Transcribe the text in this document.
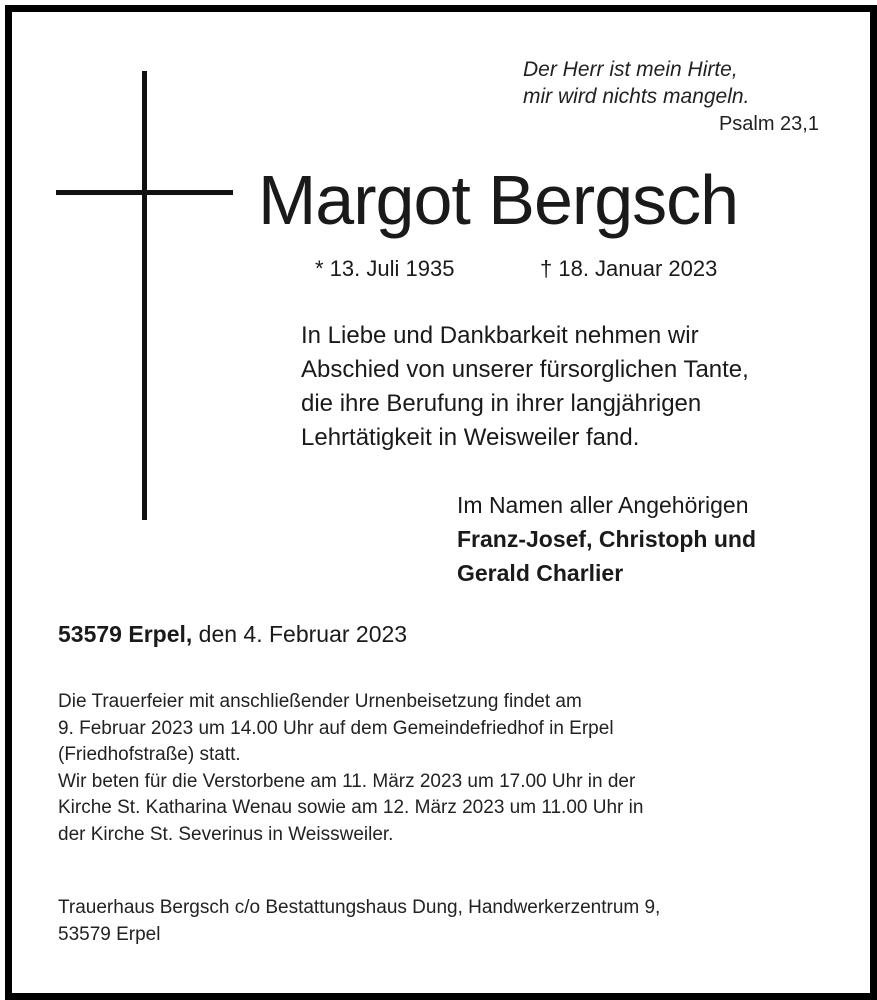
Der Herr ist mein Hirte,
mir wird nichts mangeln.
Psalm 23,1
Margot Bergsch
* 13. Juli 1935	† 18. Januar 2023
In Liebe und Dankbarkeit nehmen wir
Abschied von unserer fürsorglichen Tante,
die ihre Berufung in ihrer langjährigen
Lehrtätigkeit in Weisweiler fand.
Im Namen aller Angehörigen
Franz-Josef, Christoph und
Gerald Charlier
53579 Erpel, den 4. Februar 2023
Die Trauerfeier mit anschließender Urnenbeisetzung findet am
9. Februar 2023 um 14.00 Uhr auf dem Gemeindefriedhof in Erpel
(Friedhofstraße) statt.
Wir beten für die Verstorbene am 11. März 2023 um 17.00 Uhr in der
Kirche St. Katharina Wenau sowie am 12. März 2023 um 11.00 Uhr in
der Kirche St. Severinus in Weissweiler.
Trauerhaus Bergsch c/o Bestattungshaus Dung, Handwerkerzentrum 9,
53579 Erpel
